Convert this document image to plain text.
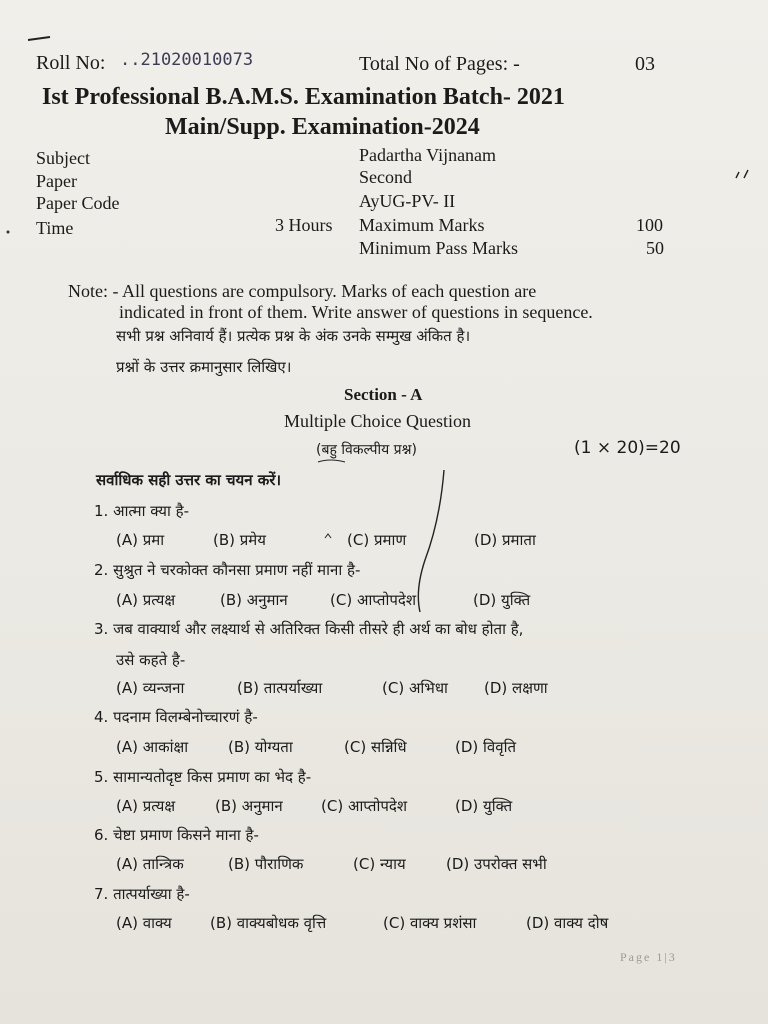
Roll No: ..21020010073	Total No of Pages: -	03
Ist Professional B.A.M.S. Examination Batch- 2021
Main/Supp. Examination-2024
Subject	Padartha Vijnanam
Paper	Second
Paper Code	AyUG-PV- II
Time	3 Hours Maximum Marks	100
Minimum Pass Marks	50
Note: - All questions are compulsory. Marks of each question are
indicated in front of them. Write answer of questions in sequence.
सभी प्रश्न अनिवार्य हैं। प्रत्येक प्रश्न के अंक उनके सम्मुख अंकित है।
प्रश्नों के उत्तर क्रमानुसार लिखिए।
Section - A
Multiple Choice Question
(बहु विकल्पीय प्रश्न)	(1 × 20)=20
सर्वाधिक सही उत्तर का चयन करें।
1. आत्मा क्या है-
(A) प्रमा	(B) प्रमेय	(C) प्रमाण	(D) प्रमाता
2. सुश्रुत ने चरकोक्त कौनसा प्रमाण नहीं माना है-
(A) प्रत्यक्ष	(B) अनुमान	(C) आप्तोपदेश	(D) युक्ति
3. जब वाक्यार्थ और लक्ष्यार्थ से अतिरिक्त किसी तीसरे ही अर्थ का बोध होता है,
उसे कहते है-
(A) व्यन्जना	(B) तात्पर्याख्या	(C) अभिधा (D) लक्षणा
4. पदनाम विलम्बेनोच्चारणं है-
(A) आकांक्षा	(B) योग्यता	(C) सन्निधि	(D) विवृति
5. सामान्यतोदृष्ट किस प्रमाण का भेद है-
(A) प्रत्यक्ष	(B) अनुमान	(C) आप्तोपदेश	(D) युक्ति
6. चेष्टा प्रमाण किसने माना है-
(A) तान्त्रिक	(B) पौराणिक	(C) न्याय	(D) उपरोक्त सभी
7. तात्पर्याख्या है-
(A) वाक्य	(B) वाक्यबोधक वृत्ति	(C) वाक्य प्रशंसा	(D) वाक्य दोष
Page 1|3
